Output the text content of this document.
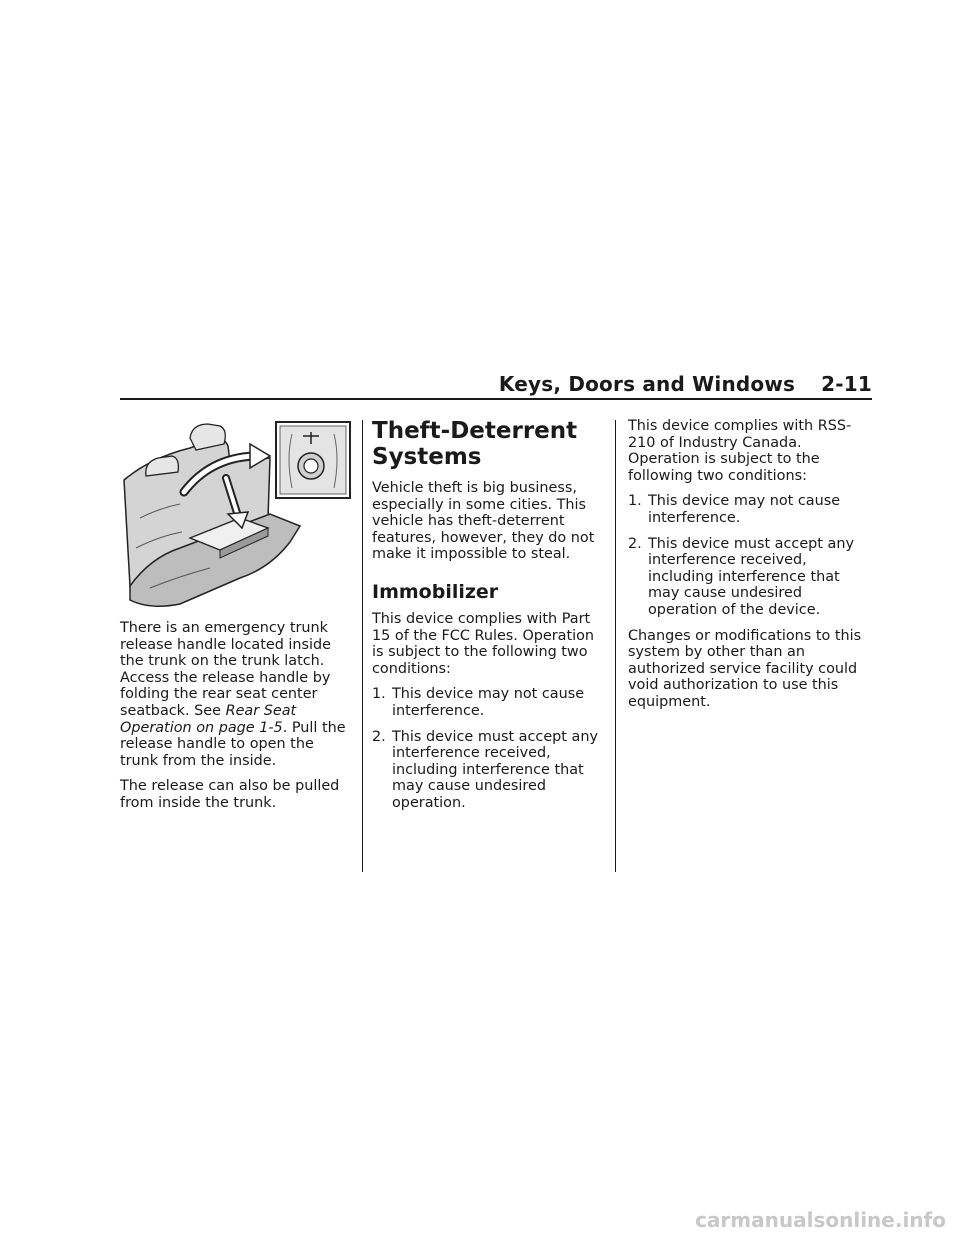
Keys, Doors and Windows 2-11

There is an emergency trunk release handle located inside the trunk on the trunk latch. Access the release handle by folding the rear seat center seatback. See Rear Seat Operation on page 1-5. Pull the release handle to open the trunk from the inside.

The release can also be pulled from inside the trunk.

Theft-Deterrent Systems

Vehicle theft is big business, especially in some cities. This vehicle has theft-deterrent features, however, they do not make it impossible to steal.

Immobilizer

This device complies with Part 15 of the FCC Rules. Operation is subject to the following two conditions:

1. This device may not cause interference.
2. This device must accept any interference received, including interference that may cause undesired operation.

This device complies with RSS-210 of Industry Canada. Operation is subject to the following two conditions:

1. This device may not cause interference.
2. This device must accept any interference received, including interference that may cause undesired operation of the device.

Changes or modifications to this system by other than an authorized service facility could void authorization to use this equipment.

carmanualsonline.info
